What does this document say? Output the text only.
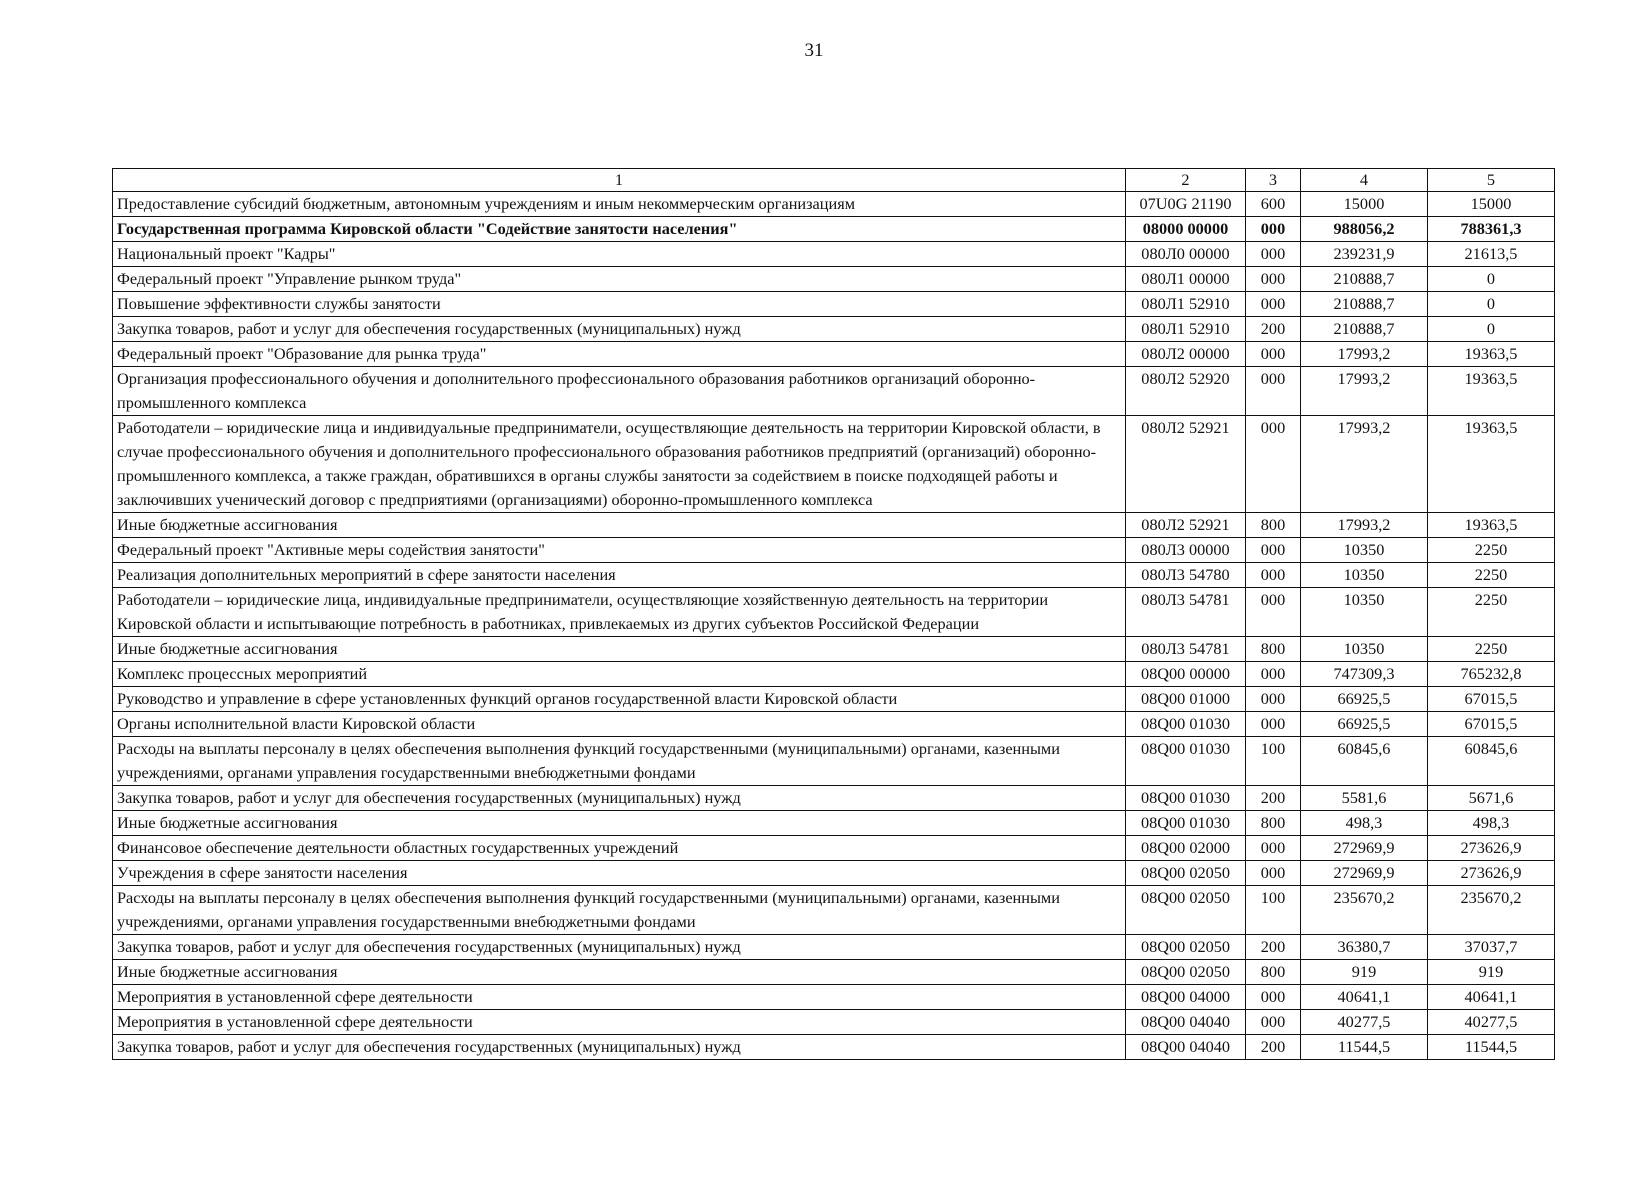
31
1	2	3	4	5
Предоставление субсидий бюджетным, автономным учреждениям и иным некоммерческим организациям	07U0G 21190	600	15000	15000
Государственная программа Кировской области "Содействие занятости населения"	08000 00000	000	988056,2	788361,3
Национальный проект "Кадры"	080Л0 00000	000	239231,9	21613,5
Федеральный проект "Управление рынком труда"	080Л1 00000	000	210888,7	0
Повышение эффективности службы занятости	080Л1 52910	000	210888,7	0
Закупка товаров, работ и услуг для обеспечения государственных (муниципальных) нужд	080Л1 52910	200	210888,7	0
Федеральный проект "Образование для рынка труда"	080Л2 00000	000	17993,2	19363,5
Организация профессионального обучения и дополнительного профессионального образования работников организаций оборонно-промышленного комплекса	080Л2 52920	000	17993,2	19363,5
Работодатели – юридические лица и индивидуальные предприниматели, осуществляющие деятельность на территории Кировской области, в случае профессионального обучения и дополнительного профессионального образования работников предприятий (организаций) оборонно-промышленного комплекса, а также граждан, обратившихся в органы службы занятости за содействием в поиске подходящей работы и заключивших ученический договор с предприятиями (организациями) оборонно-промышленного комплекса	080Л2 52921	000	17993,2	19363,5
Иные бюджетные ассигнования	080Л2 52921	800	17993,2	19363,5
Федеральный проект "Активные меры содействия занятости"	080Л3 00000	000	10350	2250
Реализация дополнительных мероприятий в сфере занятости населения	080Л3 54780	000	10350	2250
Работодатели – юридические лица, индивидуальные предприниматели, осуществляющие хозяйственную деятельность на территории Кировской области и испытывающие потребность в работниках, привлекаемых из других субъектов Российской Федерации	080Л3 54781	000	10350	2250
Иные бюджетные ассигнования	080Л3 54781	800	10350	2250
Комплекс процессных мероприятий	08Q00 00000	000	747309,3	765232,8
Руководство и управление в сфере установленных функций органов государственной власти Кировской области	08Q00 01000	000	66925,5	67015,5
Органы исполнительной власти Кировской области	08Q00 01030	000	66925,5	67015,5
Расходы на выплаты персоналу в целях обеспечения выполнения функций государственными (муниципальными) органами, казенными учреждениями, органами управления государственными внебюджетными фондами	08Q00 01030	100	60845,6	60845,6
Закупка товаров, работ и услуг для обеспечения государственных (муниципальных) нужд	08Q00 01030	200	5581,6	5671,6
Иные бюджетные ассигнования	08Q00 01030	800	498,3	498,3
Финансовое обеспечение деятельности областных государственных учреждений	08Q00 02000	000	272969,9	273626,9
Учреждения в сфере занятости населения	08Q00 02050	000	272969,9	273626,9
Расходы на выплаты персоналу в целях обеспечения выполнения функций государственными (муниципальными) органами, казенными учреждениями, органами управления государственными внебюджетными фондами	08Q00 02050	100	235670,2	235670,2
Закупка товаров, работ и услуг для обеспечения государственных (муниципальных) нужд	08Q00 02050	200	36380,7	37037,7
Иные бюджетные ассигнования	08Q00 02050	800	919	919
Мероприятия в установленной сфере деятельности	08Q00 04000	000	40641,1	40641,1
Мероприятия в установленной сфере деятельности	08Q00 04040	000	40277,5	40277,5
Закупка товаров, работ и услуг для обеспечения государственных (муниципальных) нужд	08Q00 04040	200	11544,5	11544,5
